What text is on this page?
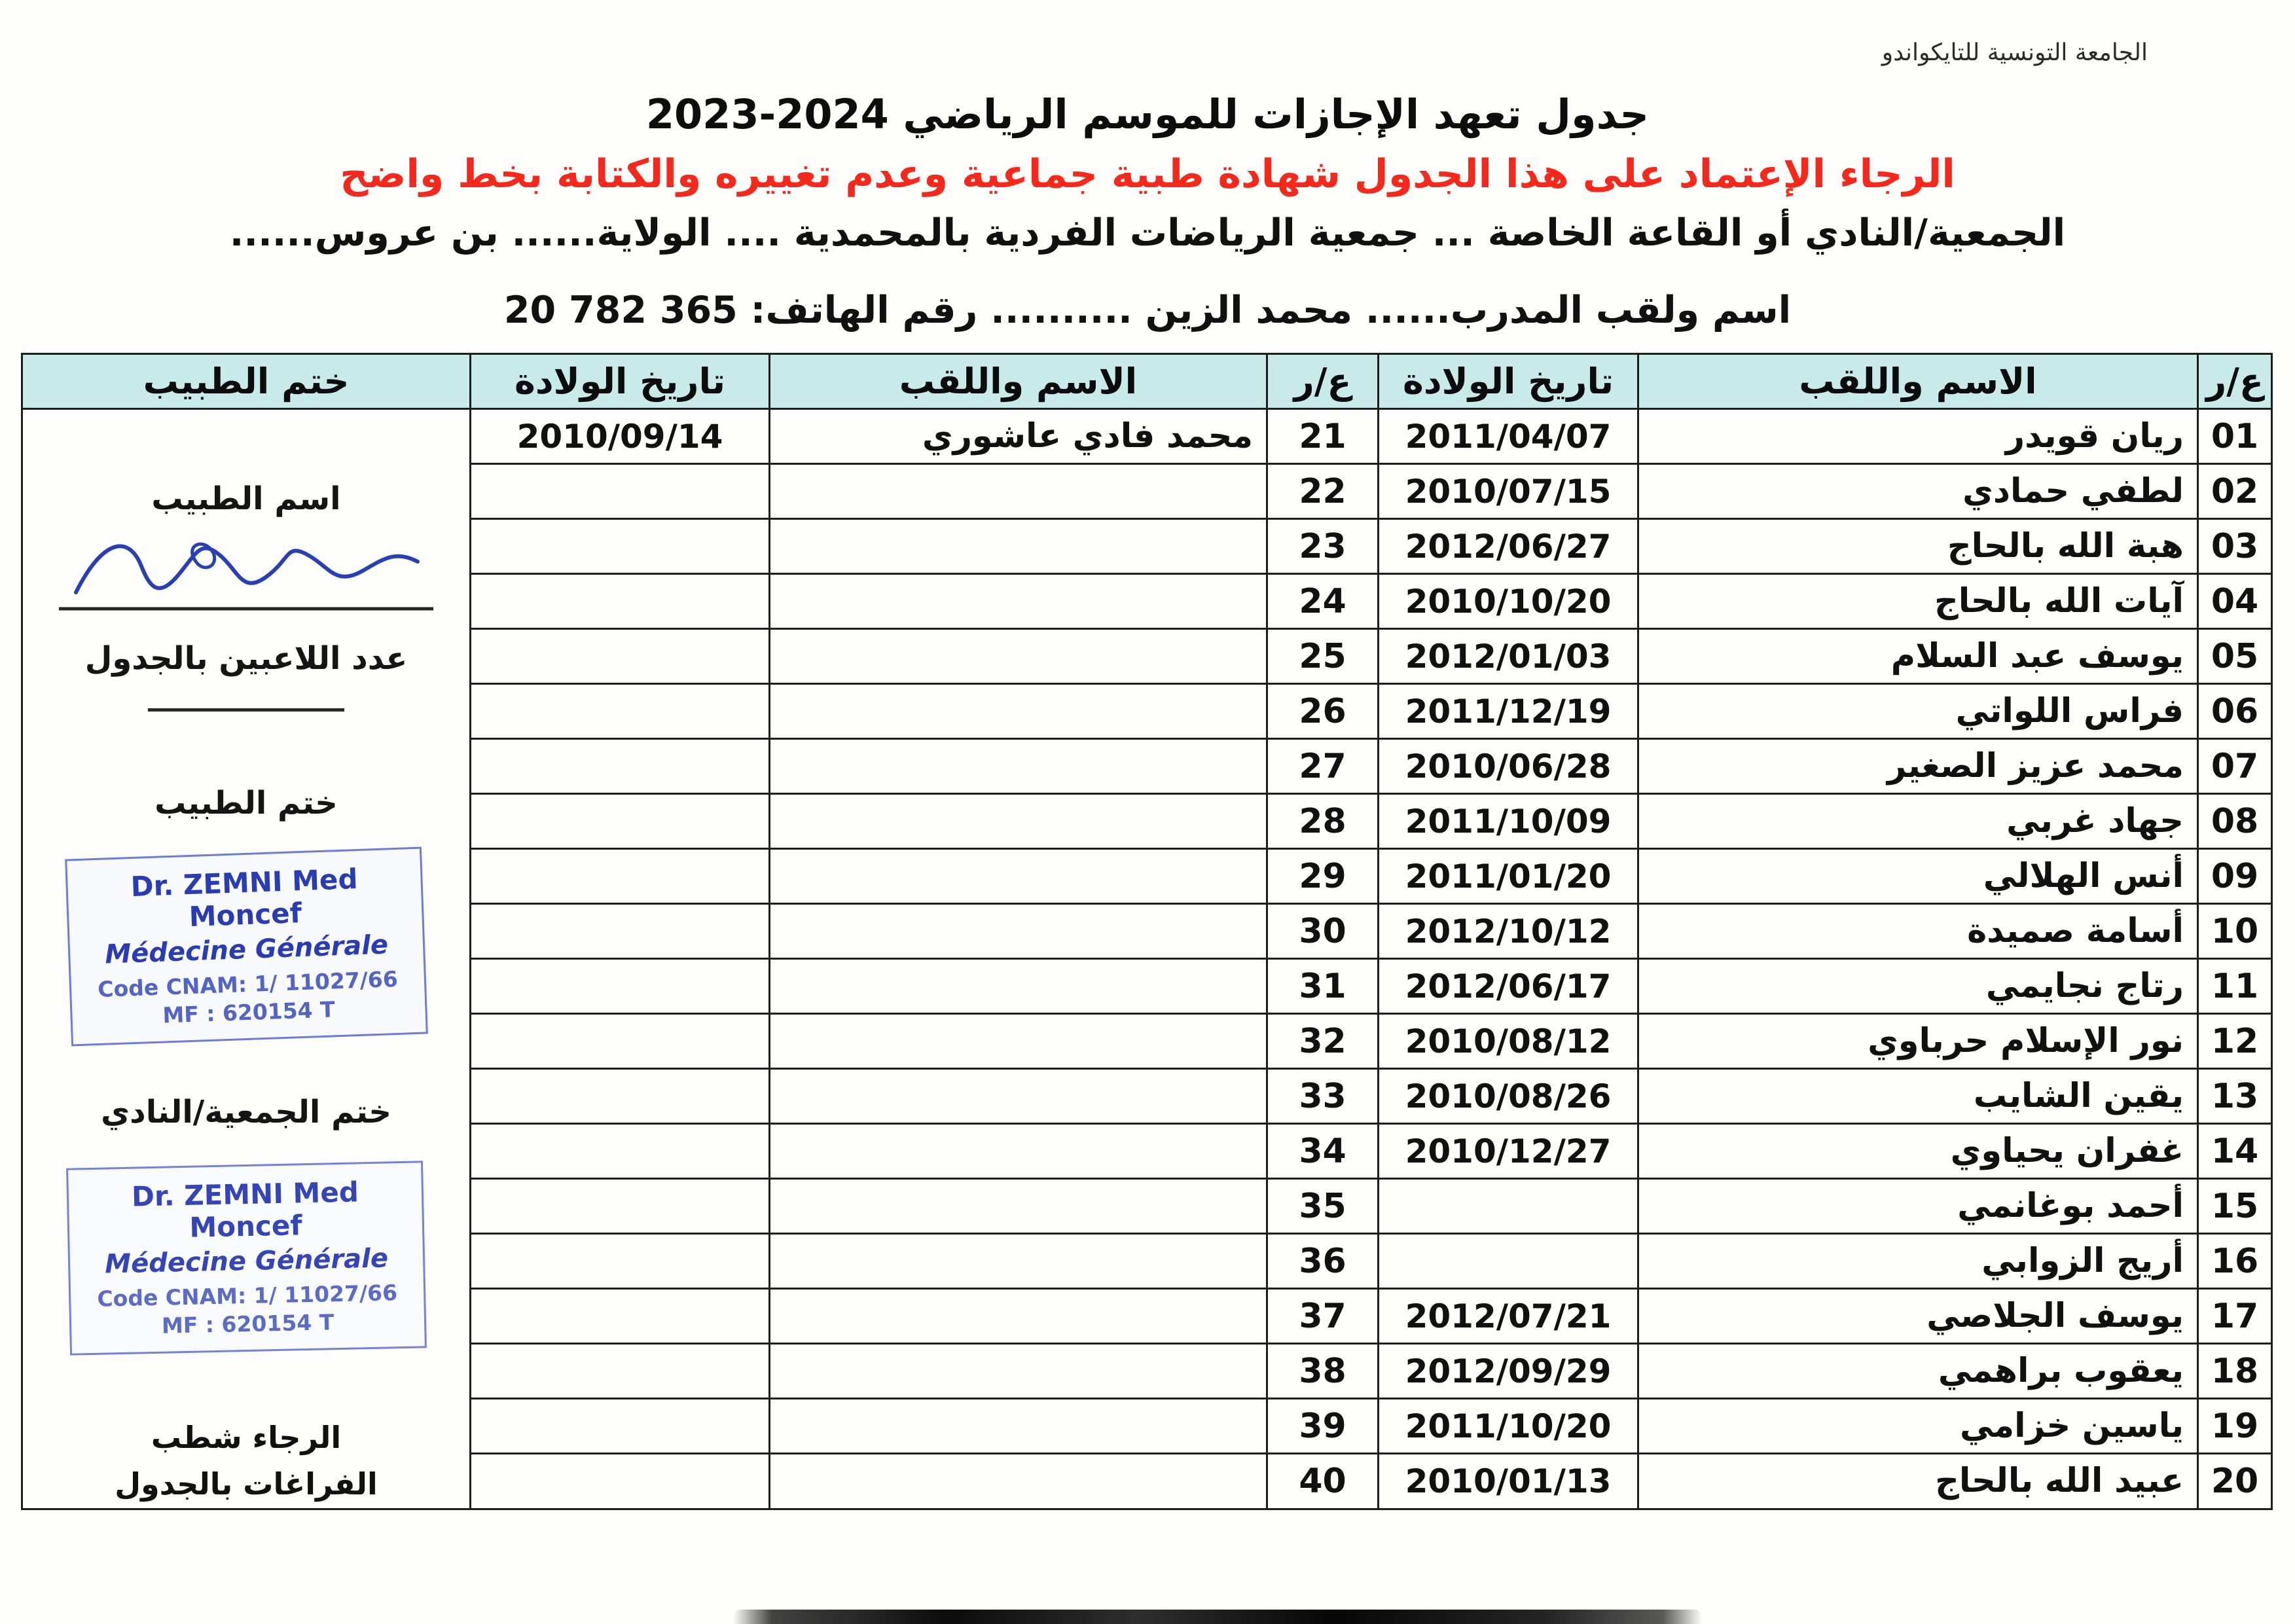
الجامعة التونسية للتايكواندو
جدول تعهد الإجازات للموسم الرياضي 2024-2023
الرجاء الإعتماد على هذا الجدول شهادة طبية جماعية وعدم تغييره والكتابة بخط واضح
الجمعية/النادي أو القاعة الخاصة ... جمعية الرياضات الفردية بالمحمدية .... الولاية...... بن عروس......
اسم ولقب المدرب...... محمد الزين .......... رقم الهاتف: 20 782 365
ع/ر	الاسم واللقب	تاريخ الولادة	ع/ر	الاسم واللقب	تاريخ الولادة	ختم الطبيب
01	ريان قويدر	2011/04/07	21	محمد فادي عاشوري	2010/09/14	
اسم الطبيب
عدد اللاعبين بالجدول
ختم الطبيب
Dr. ZEMNI Med Moncef
Médecine Générale
Code CNAM: 1/ 11027/66
MF : 620154 T
ختم الجمعية/النادي
Dr. ZEMNI Med Moncef
Médecine Générale
Code CNAM: 1/ 11027/66
MF : 620154 T
الرجاء شطب الفراغات بالجدول

02	لطفي حمادي	2010/07/15	22			
03	هبة الله بالحاج	2012/06/27	23			
04	آيات الله بالحاج	2010/10/20	24			
05	يوسف عبد السلام	2012/01/03	25			
06	فراس اللواتي	2011/12/19	26			
07	محمد عزيز الصغير	2010/06/28	27			
08	جهاد غربي	2011/10/09	28			
09	أنس الهلالي	2011/01/20	29			
10	أسامة صميدة	2012/10/12	30			
11	رتاج نجايمي	2012/06/17	31			
12	نور الإسلام حرباوي	2010/08/12	32			
13	يقين الشايب	2010/08/26	33			
14	غفران يحياوي	2010/12/27	34			
15	أحمد بوغانمي		35			
16	أريج الزوابي		36			
17	يوسف الجلاصي	2012/07/21	37			
18	يعقوب براهمي	2012/09/29	38			
19	ياسين خزامي	2011/10/20	39			
20	عبيد الله بالحاج	2010/01/13	40			
